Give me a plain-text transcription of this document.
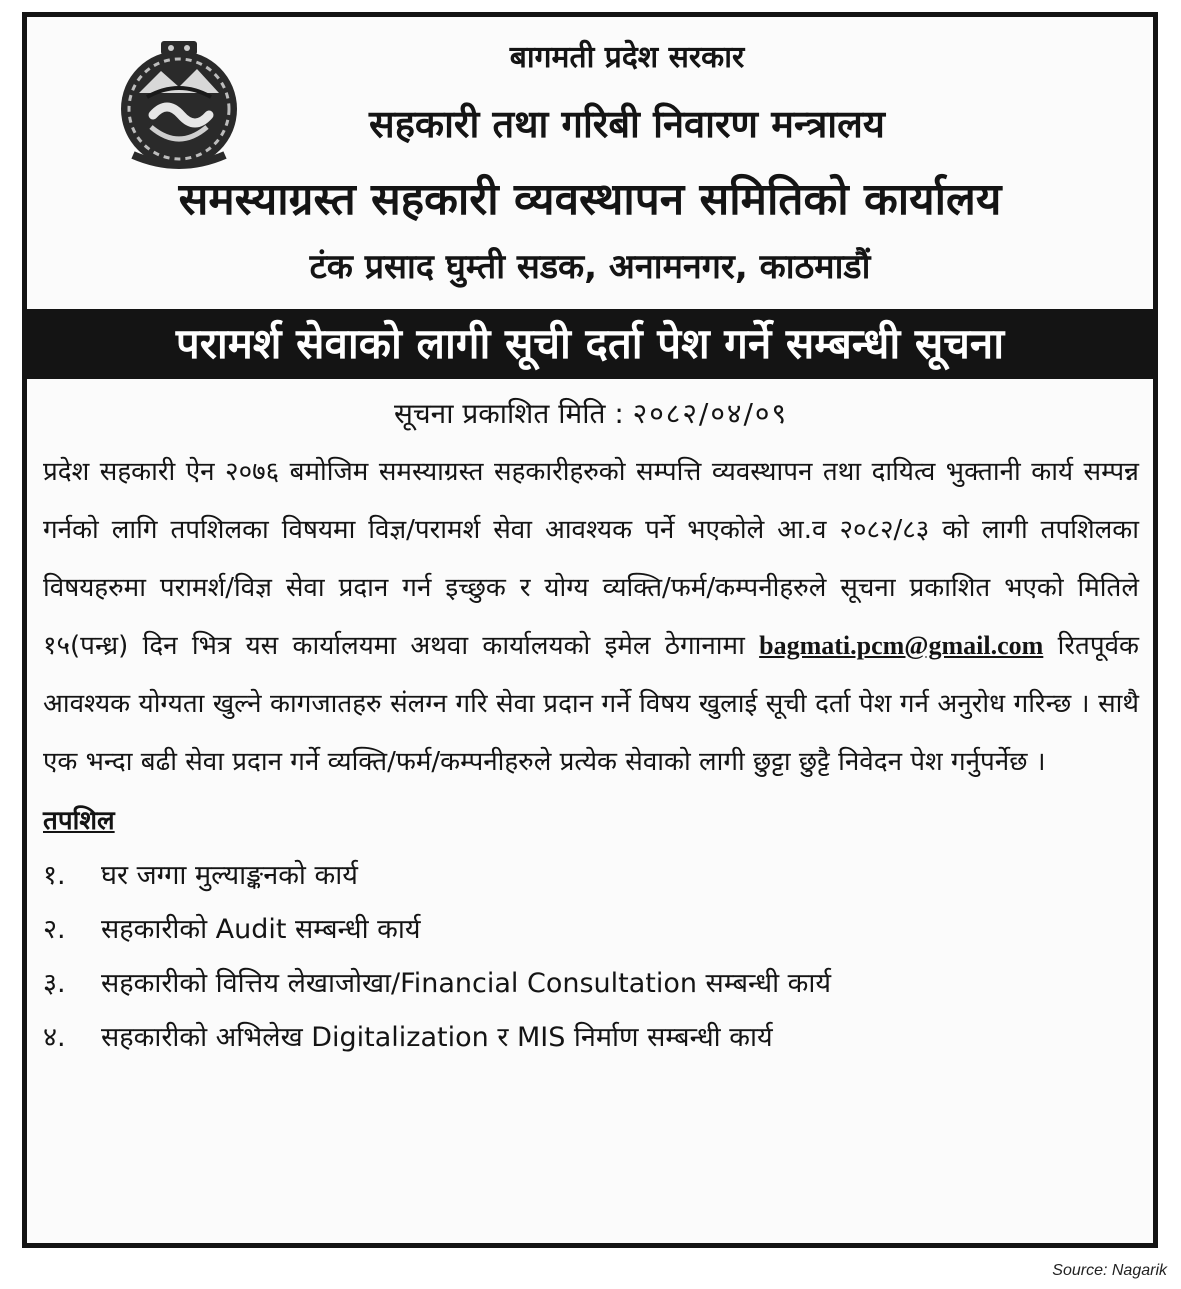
बागमती प्रदेश सरकार
सहकारी तथा गरिबी निवारण मन्त्रालय
समस्याग्रस्त सहकारी व्यवस्थापन समितिको कार्यालय
टंक प्रसाद घुम्ती सडक, अनामनगर, काठमाडौं
परामर्श सेवाको लागी सूची दर्ता पेश गर्ने सम्बन्धी सूचना
सूचना प्रकाशित मिति : २०८२/०४/०९

प्रदेश सहकारी ऐन २०७६ बमोजिम समस्याग्रस्त सहकारीहरुको सम्पत्ति व्यवस्थापन तथा दायित्व भुक्तानी कार्य सम्पन्न गर्नको लागि तपशिलका विषयमा विज्ञ/परामर्श सेवा आवश्यक पर्ने भएकोले आ.व २०८२/८३ को लागी तपशिलका विषयहरुमा परामर्श/विज्ञ सेवा प्रदान गर्न इच्छुक र योग्य व्यक्ति/फर्म/कम्पनीहरुले सूचना प्रकाशित भएको मितिले १५(पन्ध्र) दिन भित्र यस कार्यालयमा अथवा कार्यालयको इमेल ठेगानामा bagmati.pcm@gmail.com रितपूर्वक आवश्यक योग्यता खुल्ने कागजातहरु संलग्न गरि सेवा प्रदान गर्ने विषय खुलाई सूची दर्ता पेश गर्न अनुरोध गरिन्छ । साथै एक भन्दा बढी सेवा प्रदान गर्ने व्यक्ति/फर्म/कम्पनीहरुले प्रत्येक सेवाको लागी छुट्टा छुट्टै निवेदन पेश गर्नुपर्नेछ ।

तपशिल
१. घर जग्गा मुल्याङ्कनको कार्य
२. सहकारीको Audit सम्बन्धी कार्य
३. सहकारीको वित्तिय लेखाजोखा/Financial Consultation सम्बन्धी कार्य
४. सहकारीको अभिलेख Digitalization र MIS निर्माण सम्बन्धी कार्य
Source: Nagarik
